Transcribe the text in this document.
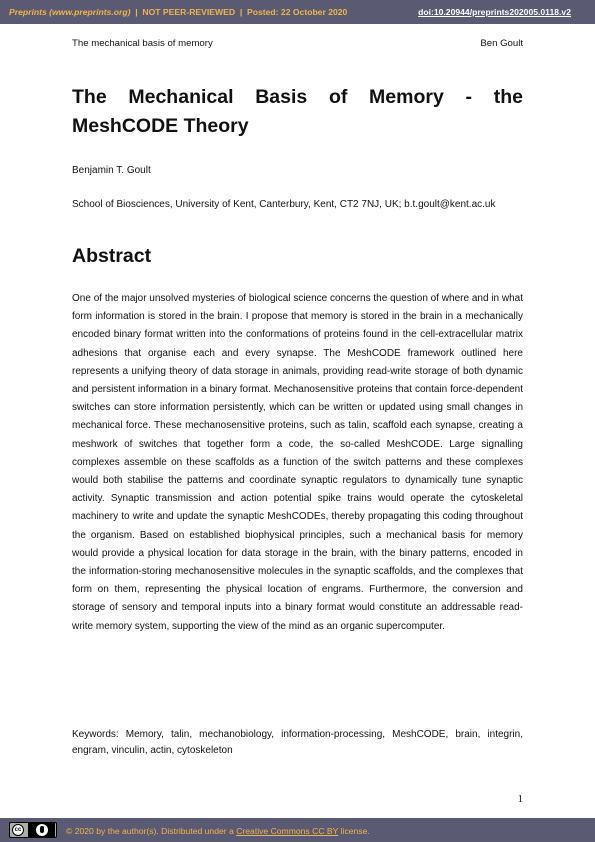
Preprints (www.preprints.org) | NOT PEER-REVIEWED | Posted: 22 October 2020	doi:10.20944/preprints202005.0118.v2
The mechanical basis of memory	Ben Goult
The Mechanical Basis of Memory - the MeshCODE Theory
Benjamin T. Goult
School of Biosciences, University of Kent, Canterbury, Kent, CT2 7NJ, UK; b.t.goult@kent.ac.uk
Abstract

One of the major unsolved mysteries of biological science concerns the question of where and in what form information is stored in the brain. I propose that memory is stored in the brain in a mechanically encoded binary format written into the conformations of proteins found in the cell-extracellular matrix adhesions that organise each and every synapse. The MeshCODE framework outlined here represents a unifying theory of data storage in animals, providing read-write storage of both dynamic and persistent information in a binary format. Mechanosensitive proteins that contain force-dependent switches can store information persistently, which can be written or updated using small changes in mechanical force. These mechanosensitive proteins, such as talin, scaffold each synapse, creating a meshwork of switches that together form a code, the so-called MeshCODE. Large signalling complexes assemble on these scaffolds as a function of the switch patterns and these complexes would both stabilise the patterns and coordinate synaptic regulators to dynamically tune synaptic activity. Synaptic transmission and action potential spike trains would operate the cytoskeletal machinery to write and update the synaptic MeshCODEs, thereby propagating this coding throughout the organism. Based on established biophysical principles, such a mechanical basis for memory would provide a physical location for data storage in the brain, with the binary patterns, encoded in the information-storing mechanosensitive molecules in the synaptic scaffolds, and the complexes that form on them, representing the physical location of engrams. Furthermore, the conversion and storage of sensory and temporal inputs into a binary format would constitute an addressable read-write memory system, supporting the view of the mind as an organic supercomputer.

Keywords: Memory, talin, mechanobiology, information-processing, MeshCODE, brain, integrin, engram, vinculin, actin, cytoskeleton
1
cc	© 2020 by the author(s). Distributed under a Creative Commons CC BY license.
